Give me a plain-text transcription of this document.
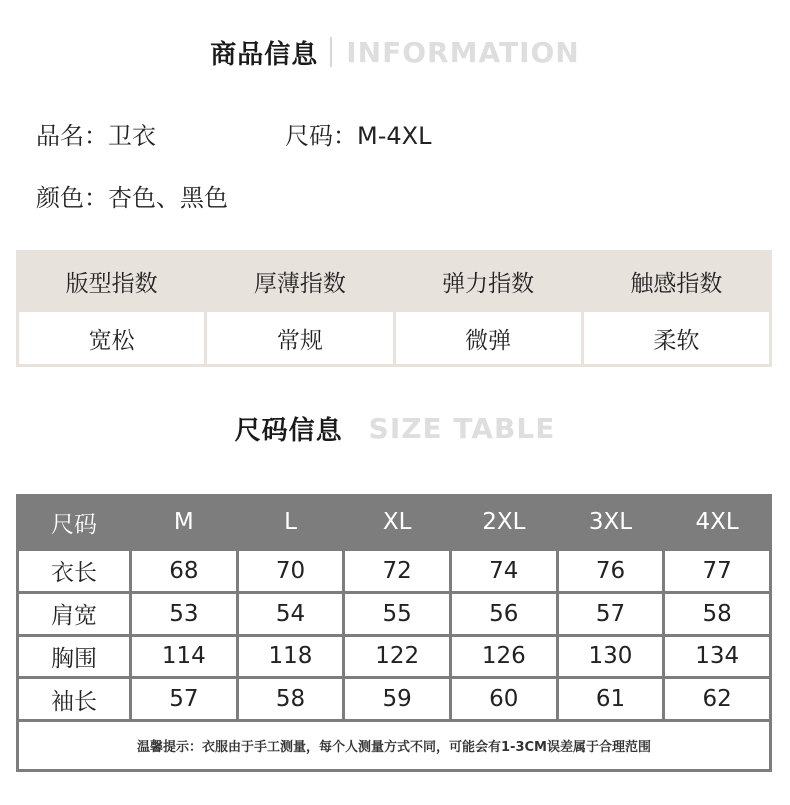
商品信息 INFORMATION
品名：卫衣	尺码：M-4XL
颜色：杏色、黑色
版型指数	厚薄指数	弹力指数	触感指数
宽松	常规	微弹	柔软
尺码信息 SIZE TABLE
尺码	M	L	XL	2XL	3XL	4XL
衣长	68	70	72	74	76	77
肩宽	53	54	55	56	57	58
胸围	114	118	122	126	130	134
袖长	57	58	59	60	61	62
温馨提示：衣服由于手工测量，每个人测量方式不同，可能会有1-3CM误差属于合理范围						
